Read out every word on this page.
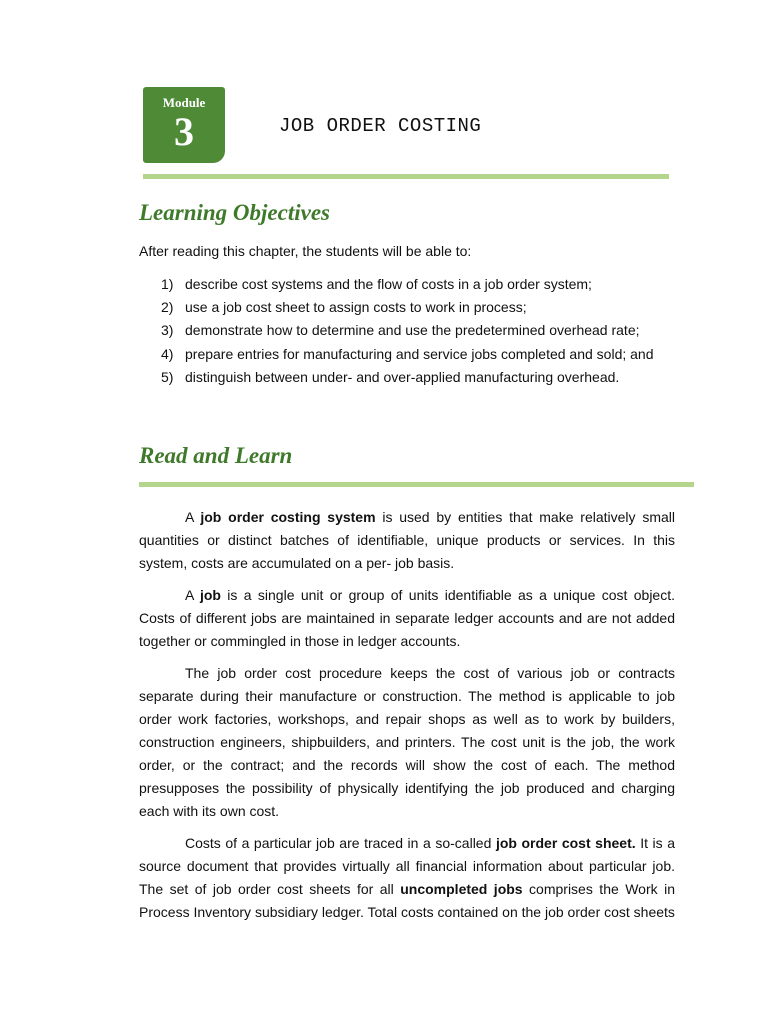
Module
3	JOB ORDER COSTING
Learning Objectives

After reading this chapter, the students will be able to:

1) describe cost systems and the flow of costs in a job order system;
2) use a job cost sheet to assign costs to work in process;
3) demonstrate how to determine and use the predetermined overhead rate;
4) prepare entries for manufacturing and service jobs completed and sold; and
5) distinguish between under- and over-applied manufacturing overhead.
Read and Learn

A job order costing system is used by entities that make relatively small quantities or distinct batches of identifiable, unique products or services. In this system, costs are accumulated on a per- job basis.

A job is a single unit or group of units identifiable as a unique cost object. Costs of different jobs are maintained in separate ledger accounts and are not added together or commingled in those in ledger accounts.

The job order cost procedure keeps the cost of various job or contracts separate during their manufacture or construction. The method is applicable to job order work factories, workshops, and repair shops as well as to work by builders, construction engineers, shipbuilders, and printers. The cost unit is the job, the work order, or the contract; and the records will show the cost of each. The method presupposes the possibility of physically identifying the job produced and charging each with its own cost.

Costs of a particular job are traced in a so-called job order cost sheet. It is a source document that provides virtually all financial information about particular job. The set of job order cost sheets for all uncompleted jobs comprises the Work in Process Inventory subsidiary ledger. Total costs contained on the job order cost sheets
